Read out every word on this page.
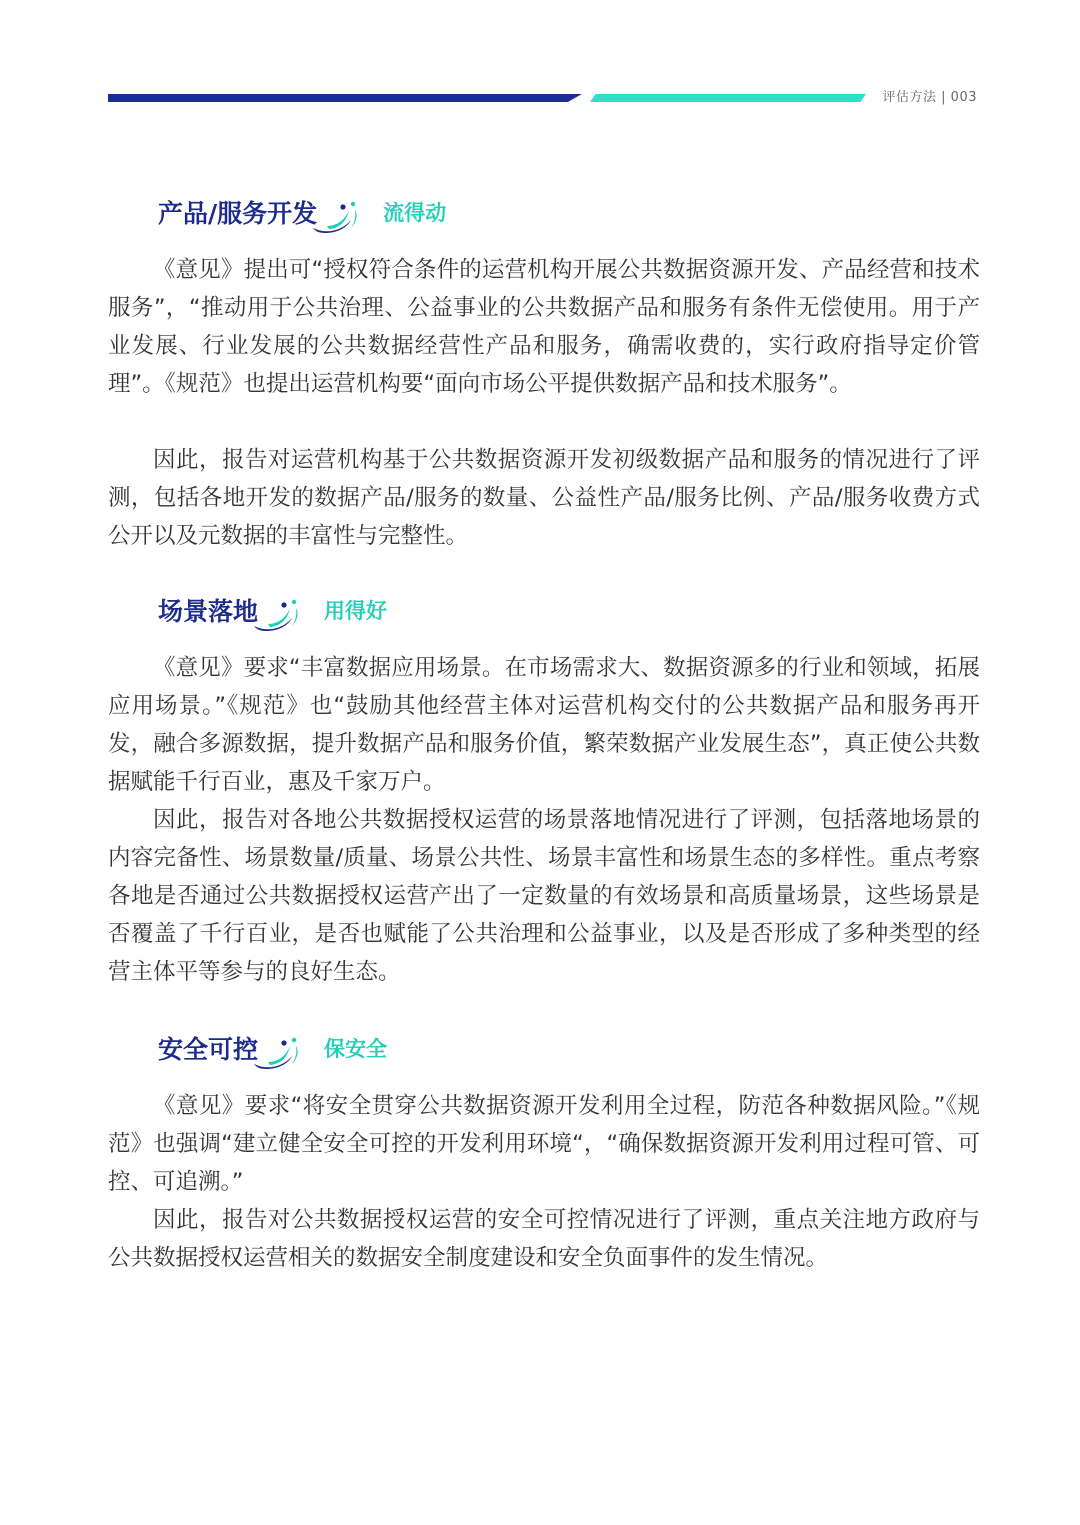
评估方法 | 003
产品/服务开发	流得动

《意见》提出可“授权符合条件的运营机构开展公共数据资源开发、产品经营和技术服务”，“推动用于公共治理、公益事业的公共数据产品和服务有条件无偿使用。用于产业发展、行业发展的公共数据经营性产品和服务，确需收费的，实行政府指导定价管理”。《规范》也提出运营机构要“面向市场公平提供数据产品和技术服务”。

因此，报告对运营机构基于公共数据资源开发初级数据产品和服务的情况进行了评测，包括各地开发的数据产品/服务的数量、公益性产品/服务比例、产品/服务收费方式公开以及元数据的丰富性与完整性。

场景落地	用得好

《意见》要求“丰富数据应用场景。在市场需求大、数据资源多的行业和领域，拓展应用场景。”《规范》也“鼓励其他经营主体对运营机构交付的公共数据产品和服务再开发，融合多源数据，提升数据产品和服务价值，繁荣数据产业发展生态”，真正使公共数据赋能千行百业，惠及千家万户。

因此，报告对各地公共数据授权运营的场景落地情况进行了评测，包括落地场景的内容完备性、场景数量/质量、场景公共性、场景丰富性和场景生态的多样性。重点考察各地是否通过公共数据授权运营产出了一定数量的有效场景和高质量场景，这些场景是否覆盖了千行百业，是否也赋能了公共治理和公益事业，以及是否形成了多种类型的经营主体平等参与的良好生态。

安全可控	保安全

《意见》要求“将安全贯穿公共数据资源开发利用全过程，防范各种数据风险。”《规范》也强调“建立健全安全可控的开发利用环境“，“确保数据资源开发利用过程可管、可控、可追溯。”

因此，报告对公共数据授权运营的安全可控情况进行了评测，重点关注地方政府与公共数据授权运营相关的数据安全制度建设和安全负面事件的发生情况。
